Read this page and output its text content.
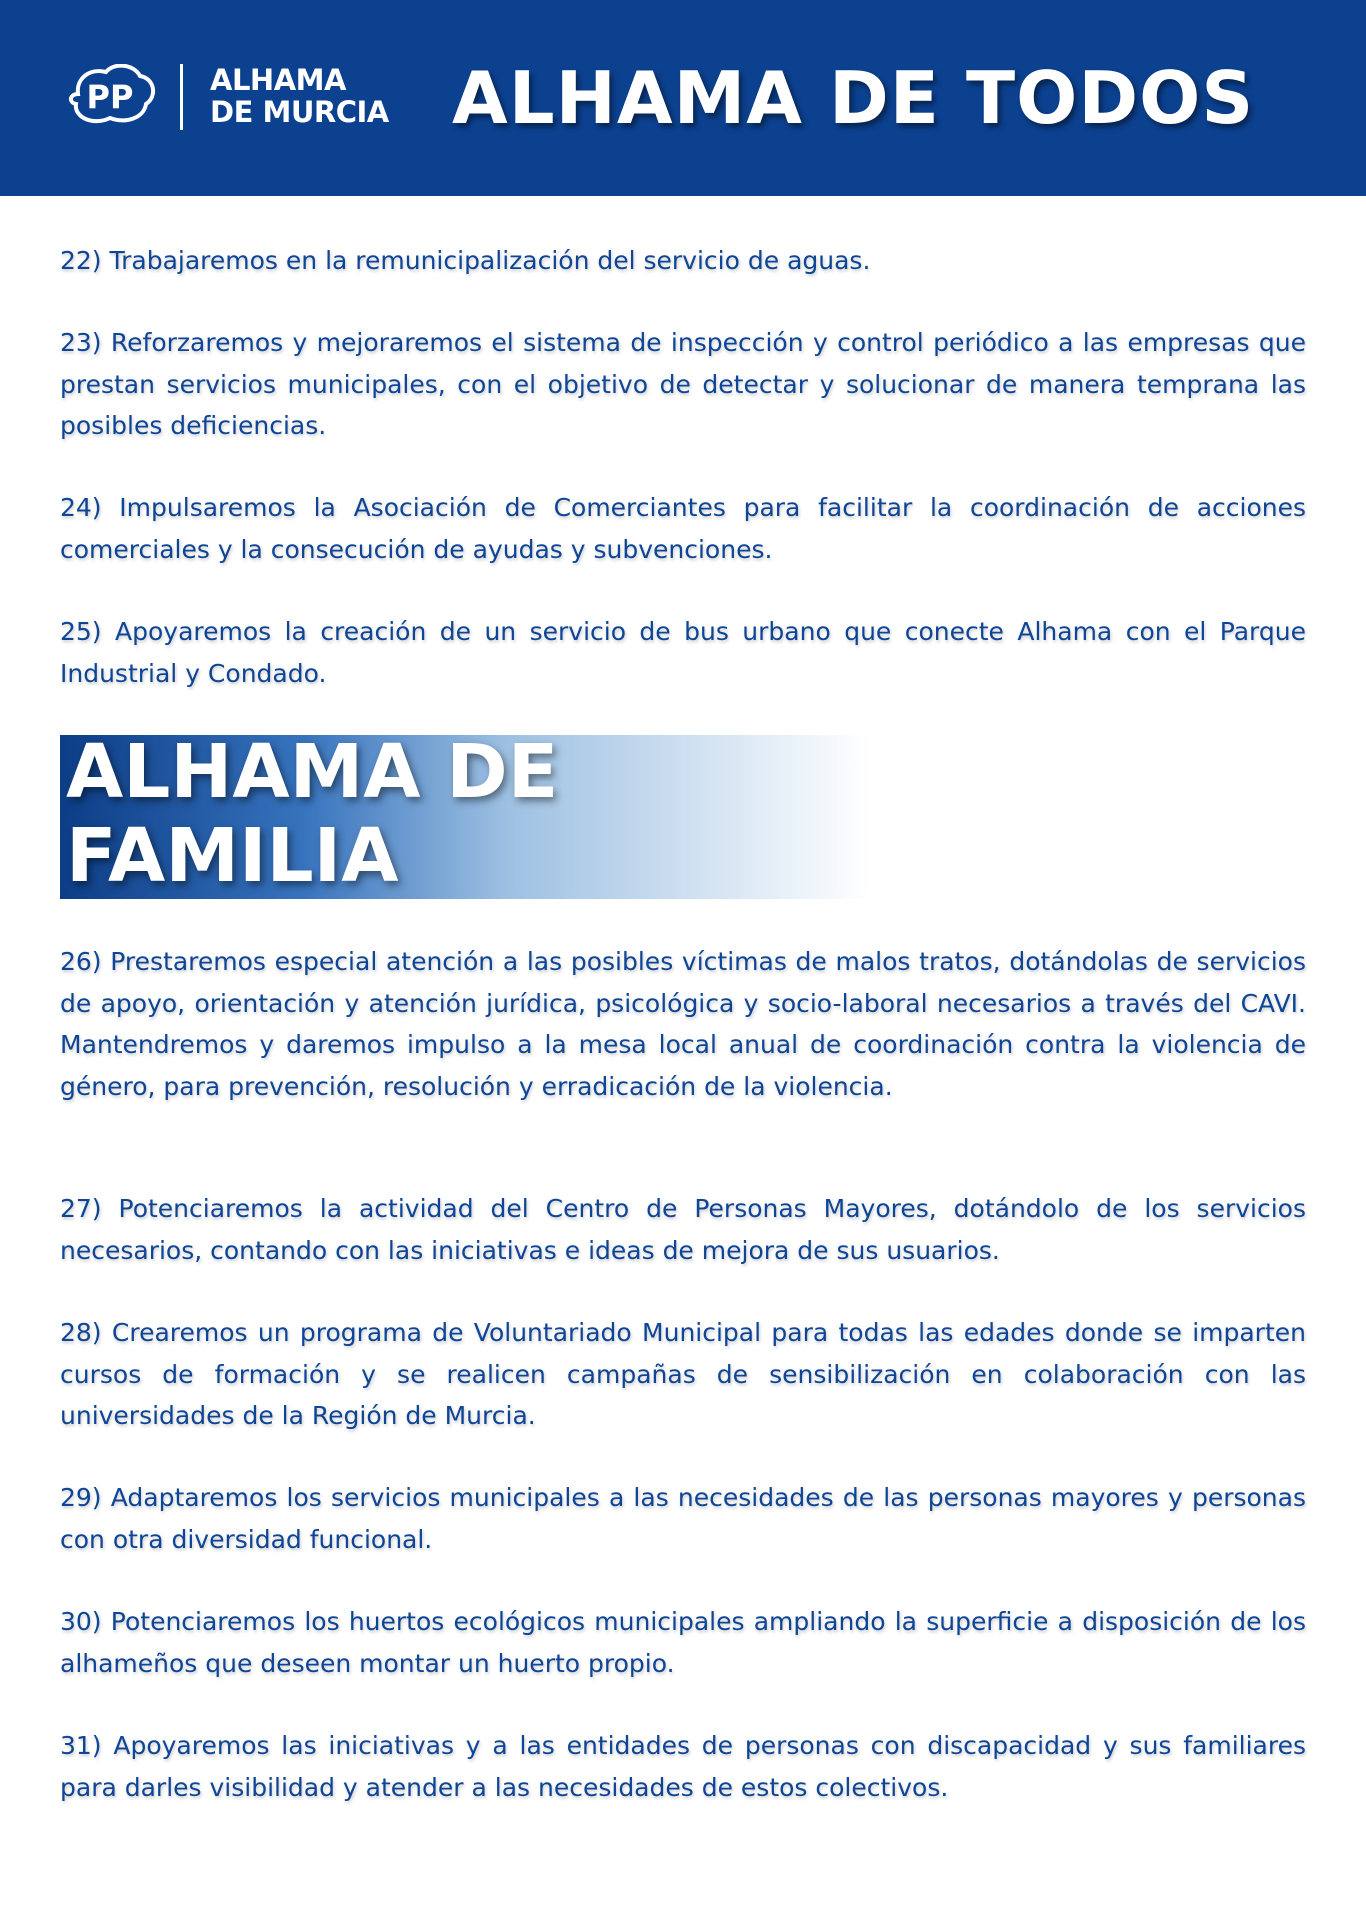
PP	ALHAMA
DE MURCIA ALHAMA DE TODOS

22) Trabajaremos en la remunicipalización del servicio de aguas.

23) Reforzaremos y mejoraremos el sistema de inspección y control periódico a las empresas que prestan servicios municipales, con el objetivo de detectar y solucionar de manera temprana las posibles deficiencias.

24) Impulsaremos la Asociación de Comerciantes para facilitar la coordinación de acciones comerciales y la consecución de ayudas y subvenciones.

25) Apoyaremos la creación de un servicio de bus urbano que conecte Alhama con el Parque Industrial y Condado.

ALHAMA DE
FAMILIA

26) Prestaremos especial atención a las posibles víctimas de malos tratos, dotándolas de servicios de apoyo, orientación y atención jurídica, psicológica y socio-laboral necesarios a través del CAVI. Mantendremos y daremos impulso a la mesa local anual de coordinación contra la violencia de género, para prevención, resolución y erradicación de la violencia.

27) Potenciaremos la actividad del Centro de Personas Mayores, dotándolo de los servicios necesarios, contando con las iniciativas e ideas de mejora de sus usuarios.

28) Crearemos un programa de Voluntariado Municipal para todas las edades donde se imparten cursos de formación y se realicen campañas de sensibilización en colaboración con las universidades de la Región de Murcia.

29) Adaptaremos los servicios municipales a las necesidades de las personas mayores y personas con otra diversidad funcional.

30) Potenciaremos los huertos ecológicos municipales ampliando la superficie a disposición de los alhameños que deseen montar un huerto propio.

31) Apoyaremos las iniciativas y a las entidades de personas con discapacidad y sus familiares para darles visibilidad y atender a las necesidades de estos colectivos.
